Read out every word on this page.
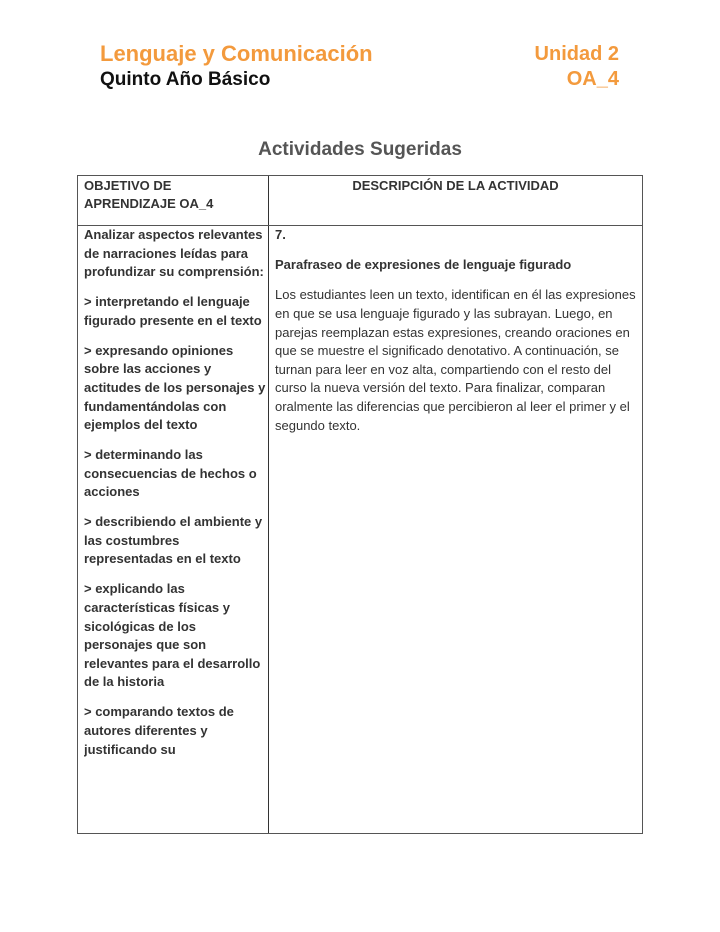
Lenguaje y Comunicación
Quinto Año Básico
Unidad 2
OA_4
Actividades Sugeridas
OBJETIVO DE APRENDIZAJE OA_4
DESCRIPCIÓN DE LA ACTIVIDAD

Analizar aspectos relevantes de narraciones leídas para profundizar su comprensión:

> interpretando el lenguaje figurado presente en el texto

> expresando opiniones sobre las acciones y actitudes de los personajes y fundamentándolas con ejemplos del texto

> determinando las consecuencias de hechos o acciones

> describiendo el ambiente y las costumbres representadas en el texto

> explicando las características físicas y sicológicas de los personajes que son relevantes para el desarrollo de la historia

> comparando textos de autores diferentes y justificando su

7.

Parafraseo de expresiones de lenguaje figurado

Los estudiantes leen un texto, identifican en él las expresiones en que se usa lenguaje figurado y las subrayan. Luego, en parejas reemplazan estas expresiones, creando oraciones en que se muestre el significado denotativo. A continuación, se turnan para leer en voz alta, compartiendo con el resto del curso la nueva versión del texto. Para finalizar, comparan oralmente las diferencias que percibieron al leer el primer y el segundo texto.
